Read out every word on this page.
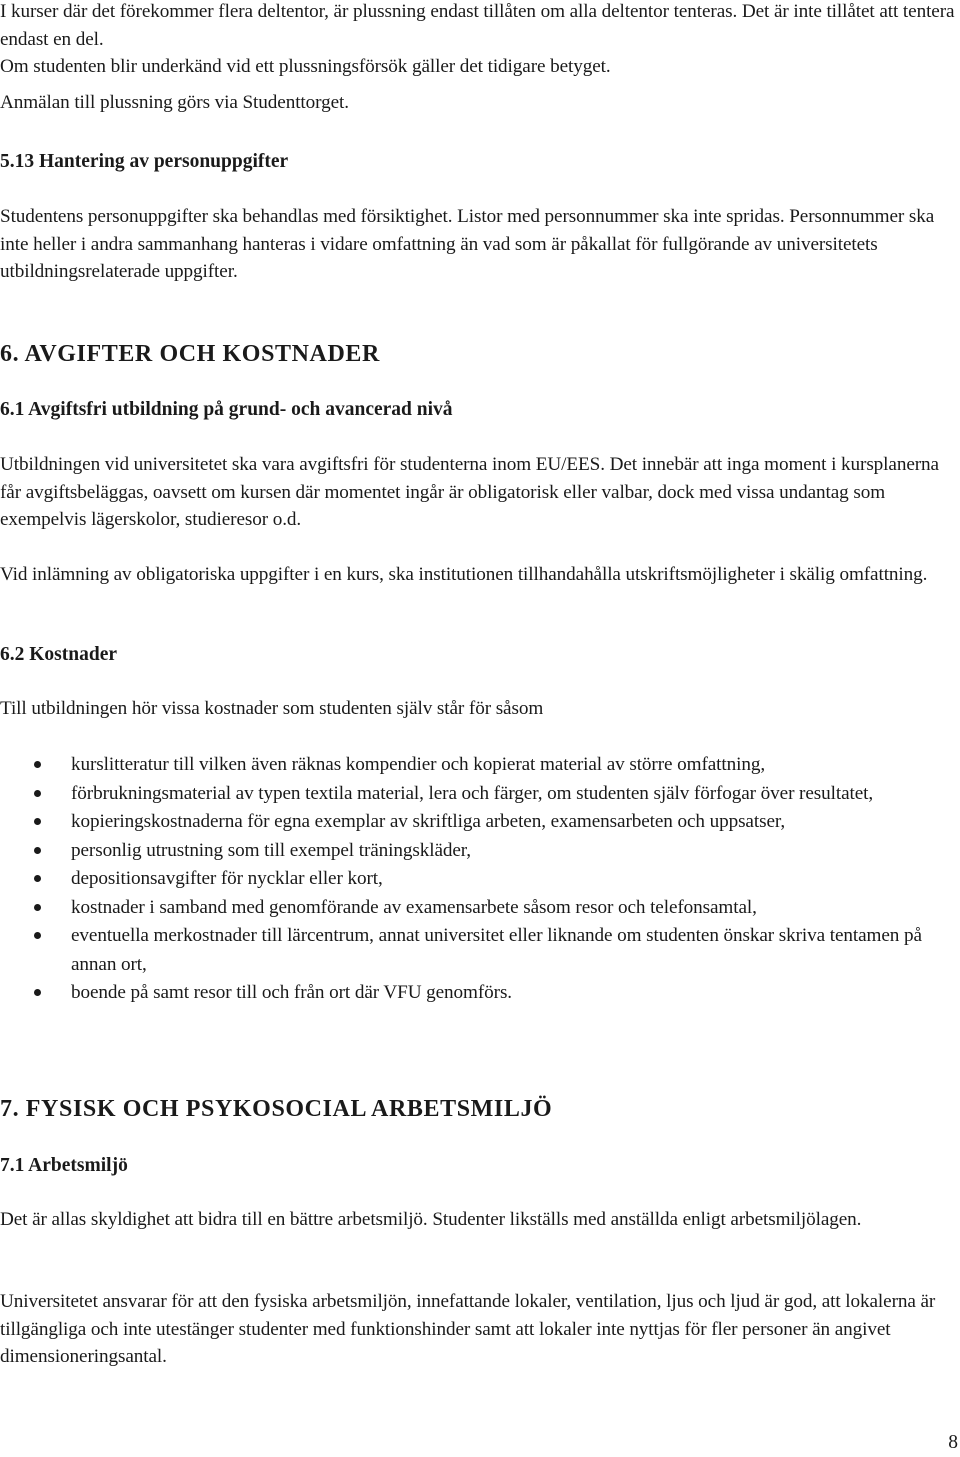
I kurser där det förekommer flera deltentor, är plussning endast tillåten om alla deltentor tenteras. Det är inte tillåtet att tentera endast en del.

Om studenten blir underkänd vid ett plussningsförsök gäller det tidigare betyget.

Anmälan till plussning görs via Studenttorget.

5.13 Hantering av personuppgifter

Studentens personuppgifter ska behandlas med försiktighet. Listor med personnummer ska inte spridas. Personnummer ska inte heller i andra sammanhang hanteras i vidare omfattning än vad som är påkallat för fullgörande av universitetets utbildningsrelaterade uppgifter.

6. AVGIFTER OCH KOSTNADER
6.1 Avgiftsfri utbildning på grund- och avancerad nivå

Utbildningen vid universitetet ska vara avgiftsfri för studenterna inom EU/EES. Det innebär att inga moment i kursplanerna får avgiftsbeläggas, oavsett om kursen där momentet ingår är obligatorisk eller valbar, dock med vissa undantag som exempelvis lägerskolor, studieresor o.d.

Vid inlämning av obligatoriska uppgifter i en kurs, ska institutionen tillhandahålla utskriftsmöjligheter i skälig omfattning.

6.2 Kostnader

Till utbildningen hör vissa kostnader som studenten själv står för såsom

kurslitteratur till vilken även räknas kompendier och kopierat material av större omfattning,
förbrukningsmaterial av typen textila material, lera och färger, om studenten själv förfogar över resultatet,
kopieringskostnaderna för egna exemplar av skriftliga arbeten, examensarbeten och uppsatser,
personlig utrustning som till exempel träningskläder,
depositionsavgifter för nycklar eller kort,
kostnader i samband med genomförande av examensarbete såsom resor och telefonsamtal,
eventuella merkostnader till lärcentrum, annat universitet eller liknande om studenten önskar skriva tentamen på annan ort,
boende på samt resor till och från ort där VFU genomförs.
7. FYSISK OCH PSYKOSOCIAL ARBETSMILJÖ
7.1 Arbetsmiljö

Det är allas skyldighet att bidra till en bättre arbetsmiljö. Studenter likställs med anställda enligt arbetsmiljölagen.

Universitetet ansvarar för att den fysiska arbetsmiljön, innefattande lokaler, ventilation, ljus och ljud är god, att lokalerna är tillgängliga och inte utestänger studenter med funktionshinder samt att lokaler inte nyttjas för fler personer än angivet dimensioneringsantal.

8
